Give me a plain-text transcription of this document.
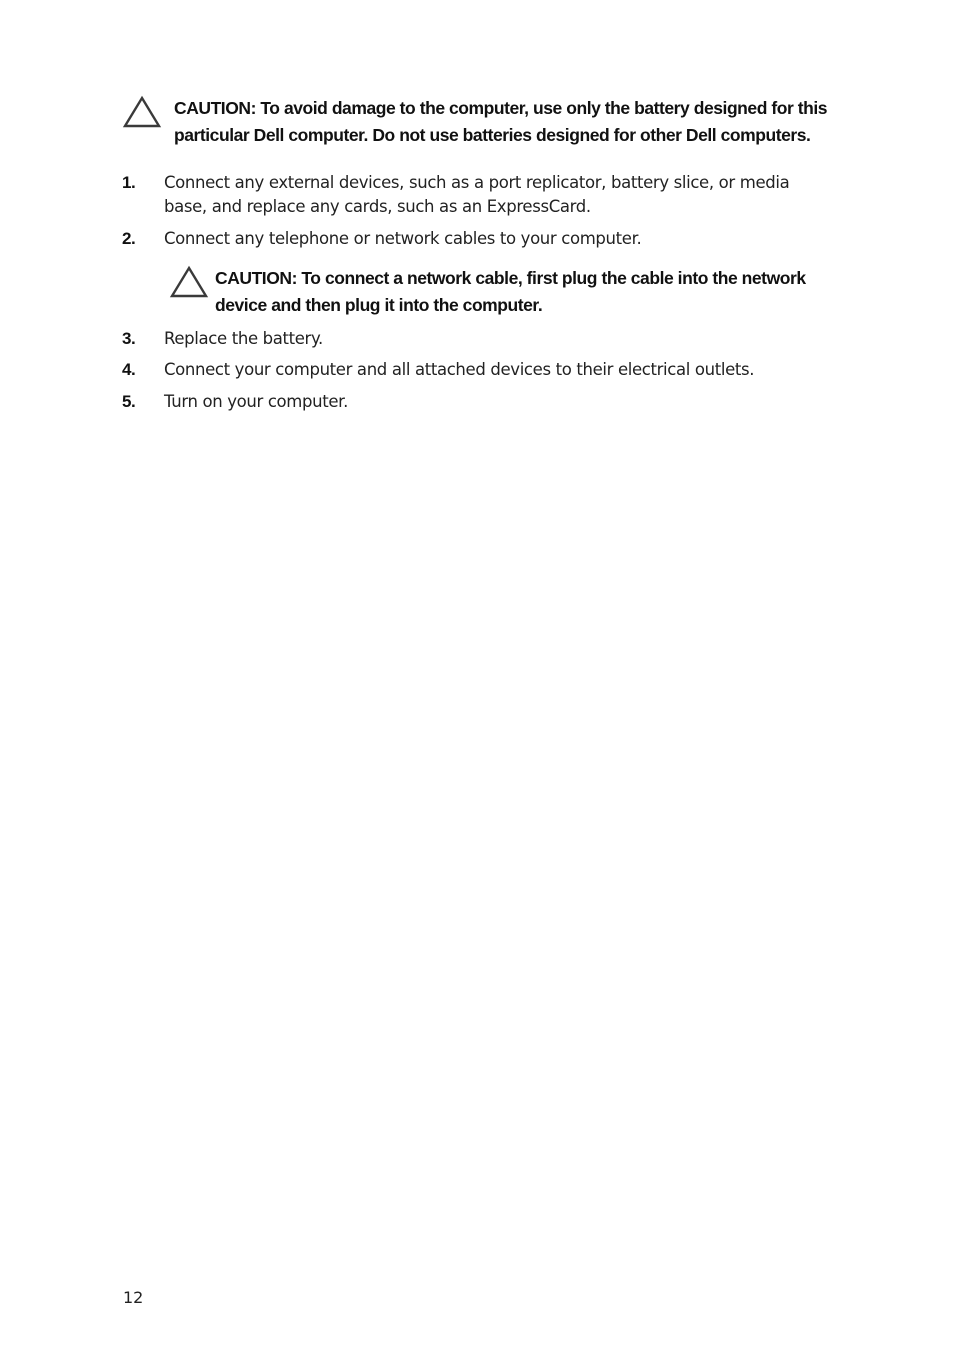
CAUTION: To avoid damage to the computer, use only the battery designed for this
particular Dell computer. Do not use batteries designed for other Dell computers.
1.	Connect any external devices, such as a port replicator, battery slice, or media
base, and replace any cards, such as an ExpressCard.
2.	Connect any telephone or network cables to your computer.
CAUTION: To connect a network cable, first plug the cable into the network
device and then plug it into the computer.
3.	Replace the battery.
4.	Connect your computer and all attached devices to their electrical outlets.
5.	Turn on your computer.
12
